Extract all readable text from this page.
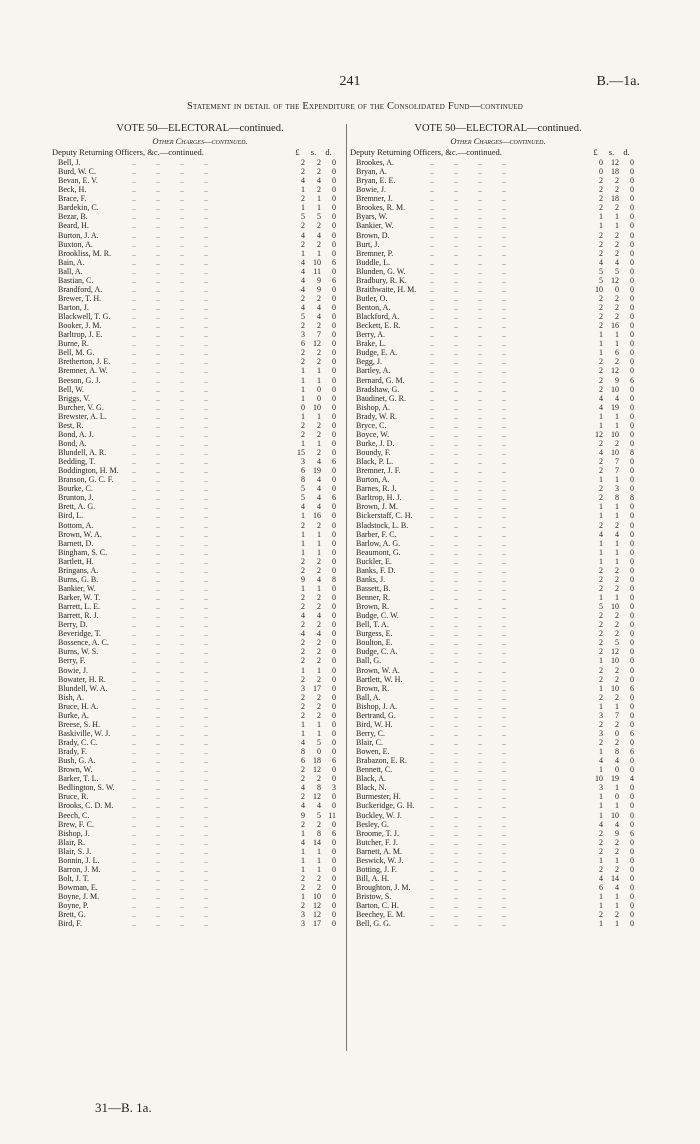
241	B.—1a.
Statement in detail of the Expenditure of the Consolidated Fund—continued
VOTE 50—ELECTORAL—continued.
Other Charges—continued.
Deputy Returning Officers, &c.—continued.	£	s.	d.
Bell, J.	..          ..          ..          ..	2	2	0
Burd, W. C.	..          ..          ..          ..	2	2	0
Bevan, E. V.	..          ..          ..          ..	4	4	0
Beck, H.	..          ..          ..          ..	1	2	0
Brace, F.	..          ..          ..          ..	2	1	0
Bardekin, C.	..          ..          ..          ..	1	1	0
Bezar, B.	..          ..          ..          ..	5	5	0
Beard, H.	..          ..          ..          ..	2	2	0
Burton, J. A.	..          ..          ..          ..	4	4	0
Buxton, A.	..          ..          ..          ..	2	2	0
Brookliss, M. R. ..          ..          ..          ..	1	1	0
Bain, A.	..          ..          ..          ..	4	10	6
Ball, A.	..          ..          ..          ..	4	11	0
Bastian, C.	..          ..          ..          ..	4	9	6
Brandford, A. ..          ..          ..          ..	4	9	0
Brewer, T. H.	..          ..          ..          ..	2	2	0
Barton, J.	..          ..          ..          ..	4	4	0
Blackwell, T. G. ..          ..          ..          ..	5	4	0
Booker, J. M.	..          ..          ..          ..	2	2	0
Barltrop, J. E. ..          ..          ..          ..	3	7	0
Burne, R.	..          ..          ..          ..	6	12	0
Bell, M. G.	..          ..          ..          ..	2	2	0
Bretherton, J. E. ..          ..          ..          ..	2	2	0
Bremner, A. W. ..          ..          ..          ..	1	1	0
Beeson, G. J.	..          ..          ..          ..	1	1	0
Bell, W.	..          ..          ..          ..	1	0	0
Briggs, V.	..          ..          ..          ..	1	0	0
Burcher, V. G. ..          ..          ..          ..	0	10	0
Brewster, A. L. ..          ..          ..          ..	1	1	0
Best, R.	..          ..          ..          ..	2	2	0
Bond, A. J.	..          ..          ..          ..	2	2	0
Bond, A.	..          ..          ..          ..	1	1	0
Blundell, A. R. ..          ..          ..          ..	15	2	0
Bedding, T.	..          ..          ..          ..	3	4	6
Boddington, H. M. ..          ..          ..          ..	6	19	0
Branson, G. C. F. ..          ..          ..          ..	8	4	0
Bourke, C.	..          ..          ..          ..	5	4	0
Brunton, J.	..          ..          ..          ..	5	4	6
Brett, A. G.	..          ..          ..          ..	4	4	0
Bird, L.	..          ..          ..          ..	1	16	0
Bottom, A.	..          ..          ..          ..	2	2	0
Brown, W. A.	..          ..          ..          ..	1	1	0
Barnett, D.	..          ..          ..          ..	1	1	0
Bingham, S. C. ..          ..          ..          ..	1	1	0
Bartlett, H.	..          ..          ..          ..	2	2	0
Bringans, A.	..          ..          ..          ..	2	2	0
Burns, G. B.	..          ..          ..          ..	9	4	8
Bankier, W.	..          ..          ..          ..	1	1	0
Barker, W. T.	..          ..          ..          ..	2	2	0
Barrett, L. E.	..          ..          ..          ..	2	2	0
Barrett, R. J.	..          ..          ..          ..	4	4	0
Berry, D.	..          ..          ..          ..	2	2	0
Beveridge, T.	..          ..          ..          ..	4	4	0
Bossence, A. C. ..          ..          ..          ..	2	2	0
Burns, W. S.	..          ..          ..          ..	2	2	0
Berry, F.	..          ..          ..          ..	2	2	0
Bowie, J.	..          ..          ..          ..	1	1	0
Bowater, H. R. ..          ..          ..          ..	2	2	0
Blundell, W. A. ..          ..          ..          ..	3	17	0
Bish, A.	..          ..          ..          ..	2	2	0
Bruce, H. A.	..          ..          ..          ..	2	2	0
Burke, A.	..          ..          ..          ..	2	2	0
Breese, S. H.	..          ..          ..          ..	1	1	0
Baskiville, W. J. ..          ..          ..          ..	1	1	0
Brady, C. C.	..          ..          ..          ..	4	5	0
Brady, F.	..          ..          ..          ..	8	0	0
Bush, G. A.	..          ..          ..          ..	6	18	6
Brown, W.	..          ..          ..          ..	2	12	0
Barker, T. L.	..          ..          ..          ..	2	2	0
Bedlington, S. W. ..          ..          ..          ..	4	8	3
Bruce, R.	..          ..          ..          ..	2	12	0
Brooks, C. D. M. ..          ..          ..          ..	4	4	0
Beech, C.	..          ..          ..          ..	9	5 11
Brew, F. C.	..          ..          ..          ..	2	2	0
Bishop, J.	..          ..          ..          ..	1	8	6
Blair, R.	..          ..          ..          ..	4	14	0
Blair, S. J.	..          ..          ..          ..	1	1	0
Bonnin, J. L.	..          ..          ..          ..	1	1	0
Barron, J. M.	..          ..          ..          ..	1	1	0
Bolt, J. T.	..          ..          ..          ..	2	2	0
Bowman, E.	..          ..          ..          ..	2	2	0
Boyne, J. M.	..          ..          ..          ..	1	10	0
Boyne, P.	..          ..          ..          ..	2	12	0
Brett, G.	..          ..          ..          ..	3	12	0
Bird, F.	..          ..          ..          ..	3	17	0
VOTE 50—ELECTORAL—continued.
Other Charges—continued.
Deputy Returning Officers, &c.—continued.	£	s.	d.
Brookes, A.	..          ..          ..          ..	0	12	0
Bryan, A.	..          ..          ..          ..	0	18	0
Bryan, E. E.	..          ..          ..          ..	2	2	0
Bowie, J.	..          ..          ..          ..	2	2	0
Bremner, J.	..          ..          ..          ..	2	18	0
Brookes, R. M. ..          ..          ..          ..	2	2	0
Byars, W.	..          ..          ..          ..	1	1	0
Bankier, W.	..          ..          ..          ..	1	1	0
Brown, D.	..          ..          ..          ..	2	2	0
Burt, J.	..          ..          ..          ..	2	2	0
Bremner, P.	..          ..          ..          ..	2	2	0
Buddle, L.	..          ..          ..          ..	4	4	0
Blunden, G. W. ..          ..          ..          ..	5	5	0
Bradbury, R. K. ..          ..          ..          ..	5	12	0
Braithwaite, H. M. ..          ..          ..          ..	10	0	0
Butler, O.	..          ..          ..          ..	2	2	0
Benton, A.	..          ..          ..          ..	2	2	0
Blackford, A.	..          ..          ..          ..	2	2	0
Beckett, E. R. ..          ..          ..          ..	2	16	0
Berry, A.	..          ..          ..          ..	1	1	0
Brake, L.	..          ..          ..          ..	1	1	0
Budge, E. A.	..          ..          ..          ..	1	6	0
Begg, J.	..          ..          ..          ..	2	2	0
Bartley, A.	..          ..          ..          ..	2	12	0
Bernard, G. M. ..          ..          ..          ..	2	9	6
Bradshaw, G.	..          ..          ..          ..	2	10	0
Baudinet, G. R. ..          ..          ..          ..	4	4	0
Bishop, A.	..          ..          ..          ..	4	19	0
Brady, W. R.	..          ..          ..          ..	1	1	0
Bryce, C.	..          ..          ..          ..	1	1	0
Boyce, W.	..          ..          ..          ..	12	10	0
Burke, J. D.	..          ..          ..          ..	2	2	0
Boundy, F.	..          ..          ..          ..	4	10	8
Black, P. L.	..          ..          ..          ..	2	7	0
Bremner, J. F. ..          ..          ..          ..	2	7	0
Burton, A.	..          ..          ..          ..	1	1	0
Barnes, R. J.	..          ..          ..          ..	2	3	0
Barltrop, H. J. ..          ..          ..          ..	2	8	8
Brown, J. M.	..          ..          ..          ..	1	1	0
Bickerstaff, C. H. ..          ..          ..          ..	1	1	0
Bladstock, L. B. ..          ..          ..          ..	2	2	0
Barber, F. C.	..          ..          ..          ..	4	4	0
Barlow, A. G. ..          ..          ..          ..	1	1	0
Beaumont, G. ..          ..          ..          ..	1	1	0
Buckler, E.	..          ..          ..          ..	1	1	0
Banks, F. D.	..          ..          ..          ..	2	2	0
Banks, J.	..          ..          ..          ..	2	2	0
Bassett, B.	..          ..          ..          ..	2	2	0
Benner, R.	..          ..          ..          ..	1	1	0
Brown, R.	..          ..          ..          ..	5	10	0
Budge, C. W.	..          ..          ..          ..	2	2	0
Bell, T. A.	..          ..          ..          ..	2	2	0
Burgess, E.	..          ..          ..          ..	2	2	0
Boulton, E.	..          ..          ..          ..	2	5	0
Budge, C. A.	..          ..          ..          ..	2	12	0
Ball, G.	..          ..          ..          ..	1	10	0
Brown, W. A.	..          ..          ..          ..	2	2	0
Bartlett, W. H. ..          ..          ..          ..	2	2	0
Brown, R.	..          ..          ..          ..	1	10	6
Ball, A.	..          ..          ..          ..	2	2	0
Bishop, J. A.	..          ..          ..          ..	1	1	0
Bertrand, G.	..          ..          ..          ..	3	7	0
Bird, W. H.	..          ..          ..          ..	2	2	0
Berry, C.	..          ..          ..          ..	3	0	6
Blair, C.	..          ..          ..          ..	2	2	0
Bowen, E.	..          ..          ..          ..	1	8	6
Brabazon, E. R. ..          ..          ..          ..	4	4	0
Bennett, C.	..          ..          ..          ..	1	0	0
Black, A.	..          ..          ..          ..	10	19	4
Black, N.	..          ..          ..          ..	3	1	0
Burmester, H. ..          ..          ..          ..	1	0	0
Buckeridge, G. H. ..          ..          ..          ..	1	1	0
Buckley, W. J. ..          ..          ..          ..	1	10	0
Besley, G.	..          ..          ..          ..	4	4	0
Broome, T. J.	..          ..          ..          ..	2	9	6
Butcher, F. J.	..          ..          ..          ..	2	2	0
Barnett, A. M. ..          ..          ..          ..	2	2	0
Beswick, W. J. ..          ..          ..          ..	1	1	0
Botting, J. F.	..          ..          ..          ..	2	2	0
Bill, A. H.	..          ..          ..          ..	4	14	0
Broughton, J. M. ..          ..          ..          ..	6	4	0
Bristow, S.	..          ..          ..          ..	1	1	0
Barton, C. H.	..          ..          ..          ..	1	1	0
Beechey, E. M. ..          ..          ..          ..	2	2	0
Bell, G. G.	..          ..          ..          ..	1	1	0
31—B. 1a.
